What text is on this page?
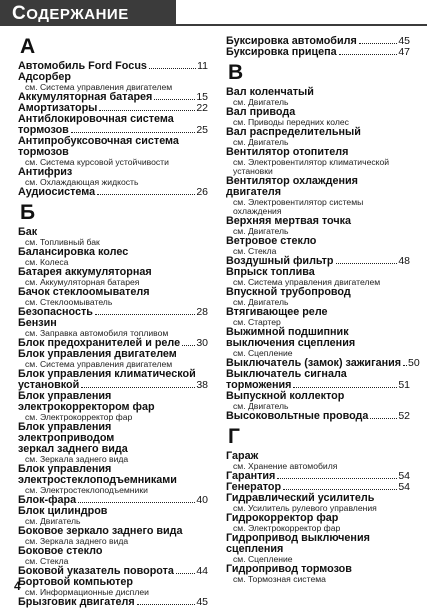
СОДЕРЖАНИЕ
А
Автомобиль Ford Focus	11
Адсорбер
см. Система управления двигателем
Аккумуляторная батарея	15
Амортизаторы	22
Антиблокировочная система
тормозов	25
Антипробуксовочная система
тормозов
см. Система курсовой устойчивости
Антифриз
см. Охлаждающая жидкость
Аудиосистема	26
Б
Бак
см. Топливный бак
Балансировка колес
см. Колеса
Батарея аккумуляторная
см. Аккумуляторная батарея
Бачок стеклоомывателя
см. Стеклоомыватель
Безопасность	28
Бензин
см. Заправка автомобиля топливом
Блок предохранителей и реле 30
Блок управления двигателем
см. Система управления двигателем
Блок управления климатической
установкой	38
Блок управления
электрокорректором фар
см. Электрокорректор фар
Блок управления электроприводом
зеркал заднего вида
см. Зеркала заднего вида
Блок управления
электростеклоподъемниками
см. Электростеклоподъемники
Блок-фара	40
Блок цилиндров
см. Двигатель
Боковое зеркало заднего вида
см. Зеркала заднего вида
Боковое стекло
см. Стекла
Боковой указатель поворота 44
Бортовой компьютер
см. Информационные дисплеи
Брызговик двигателя	45
Буксировка автомобиля	45
Буксировка прицепа	47
В
Вал коленчатый
см. Двигатель
Вал привода
см. Приводы передних колес
Вал распределительный
см. Двигатель
Вентилятор отопителя
см. Электровентилятор климатической установки
Вентилятор охлаждения
двигателя
см. Электровентилятор системы охлаждения
Верхняя мертвая точка
см. Двигатель
Ветровое стекло
см. Стекла
Воздушный фильтр	48
Впрыск топлива
см. Система управления двигателем
Впускной трубопровод
см. Двигатель
Втягивающее реле
см. Стартер
Выжимной подшипник
выключения сцепления
см. Сцепление
Выключатель (замок) зажигания 50
Выключатель сигнала
торможения	51
Выпускной коллектор
см. Двигатель
Высоковольтные провода	52
Г
Гараж
см. Хранение автомобиля
Гарантия	54
Генератор	54
Гидравлический усилитель
см. Усилитель рулевого управления
Гидрокорректор фар
см. Электрокорректор фар
Гидропривод выключения
сцепления
см. Сцепление
Гидропривод тормозов
см. Тормозная система
4
